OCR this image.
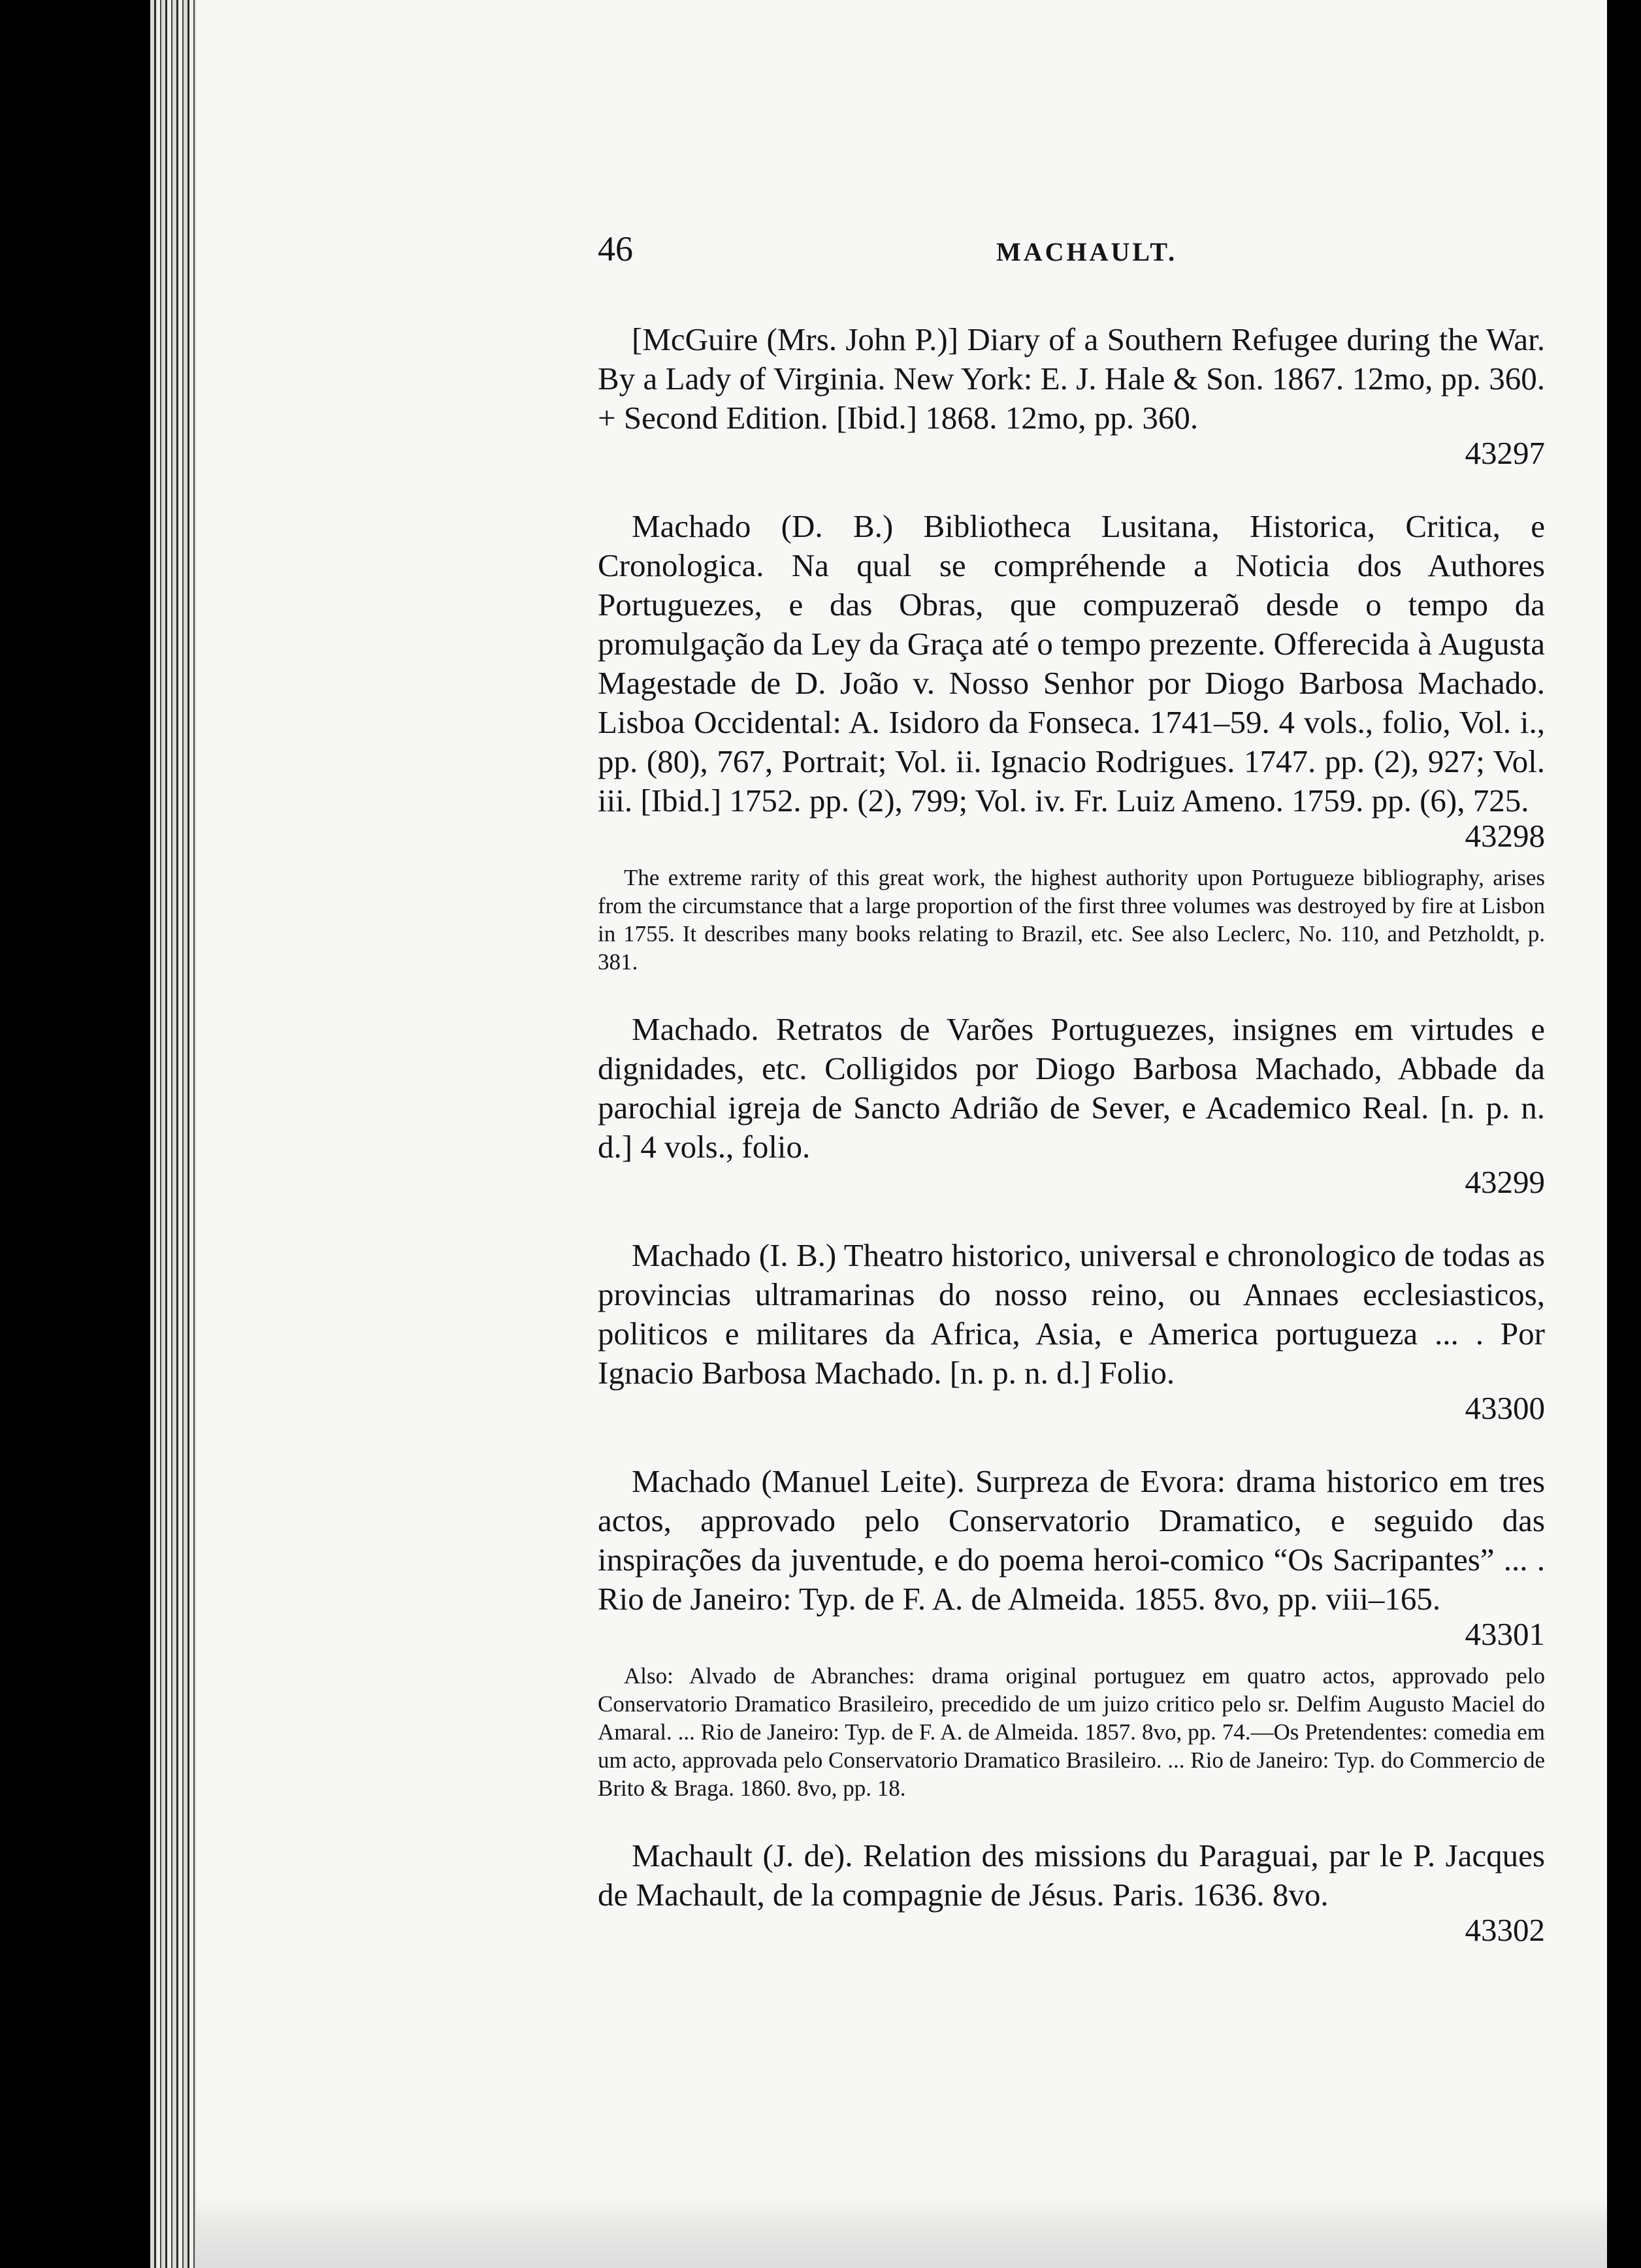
46	MACHAULT.

[McGuire (Mrs. John P.)] Diary of a Southern Refugee during the War. By a Lady of Virginia. New York: E. J. Hale & Son. 1867. 12mo, pp. 360. + Second Edition. [Ibid.] 1868. 12mo, pp. 360.

43297

Machado (D. B.) Bibliotheca Lusitana, Historica, Critica, e Cronologica. Na qual se compréhende a Noticia dos Authores Portuguezes, e das Obras, que compuzeraõ desde o tempo da promulgação da Ley da Graça até o tempo prezente. Offerecida à Augusta Magestade de D. João v. Nosso Senhor por Diogo Barbosa Machado. Lisboa Occidental: A. Isidoro da Fonseca. 1741–59. 4 vols., folio, Vol. i., pp. (80), 767, Portrait; Vol. ii. Ignacio Rodrigues. 1747. pp. (2), 927; Vol. iii. [Ibid.] 1752. pp. (2), 799; Vol. iv. Fr. Luiz Ameno. 1759. pp. (6), 725.

43298

The extreme rarity of this great work, the highest authority upon Portugueze bibliography, arises from the circumstance that a large proportion of the first three volumes was destroyed by fire at Lisbon in 1755. It describes many books relating to Brazil, etc. See also Leclerc, No. 110, and Petzholdt, p. 381.

Machado. Retratos de Varões Portuguezes, insignes em virtudes e dignidades, etc. Colligidos por Diogo Barbosa Machado, Abbade da parochial igreja de Sancto Adrião de Sever, e Academico Real. [n. p. n. d.] 4 vols., folio.

43299

Machado (I. B.) Theatro historico, universal e chronologico de todas as provincias ultramarinas do nosso reino, ou Annaes ecclesiasticos, politicos e militares da Africa, Asia, e America portugueza ... . Por Ignacio Barbosa Machado. [n. p. n. d.] Folio.

43300

Machado (Manuel Leite). Surpreza de Evora: drama historico em tres actos, approvado pelo Conservatorio Dramatico, e seguido das inspirações da juventude, e do poema heroi-comico “Os Sacripantes” ... . Rio de Janeiro: Typ. de F. A. de Almeida. 1855. 8vo, pp. viii–165.

43301

Also: Alvado de Abranches: drama original portuguez em quatro actos, approvado pelo Conservatorio Dramatico Brasileiro, precedido de um juizo critico pelo sr. Delfim Augusto Maciel do Amaral. ... Rio de Janeiro: Typ. de F. A. de Almeida. 1857. 8vo, pp. 74.—Os Pretendentes: comedia em um acto, approvada pelo Conservatorio Dramatico Brasileiro. ... Rio de Janeiro: Typ. do Commercio de Brito & Braga. 1860. 8vo, pp. 18.

Machault (J. de). Relation des missions du Paraguai, par le P. Jacques de Machault, de la compagnie de Jésus. Paris. 1636. 8vo.

43302
